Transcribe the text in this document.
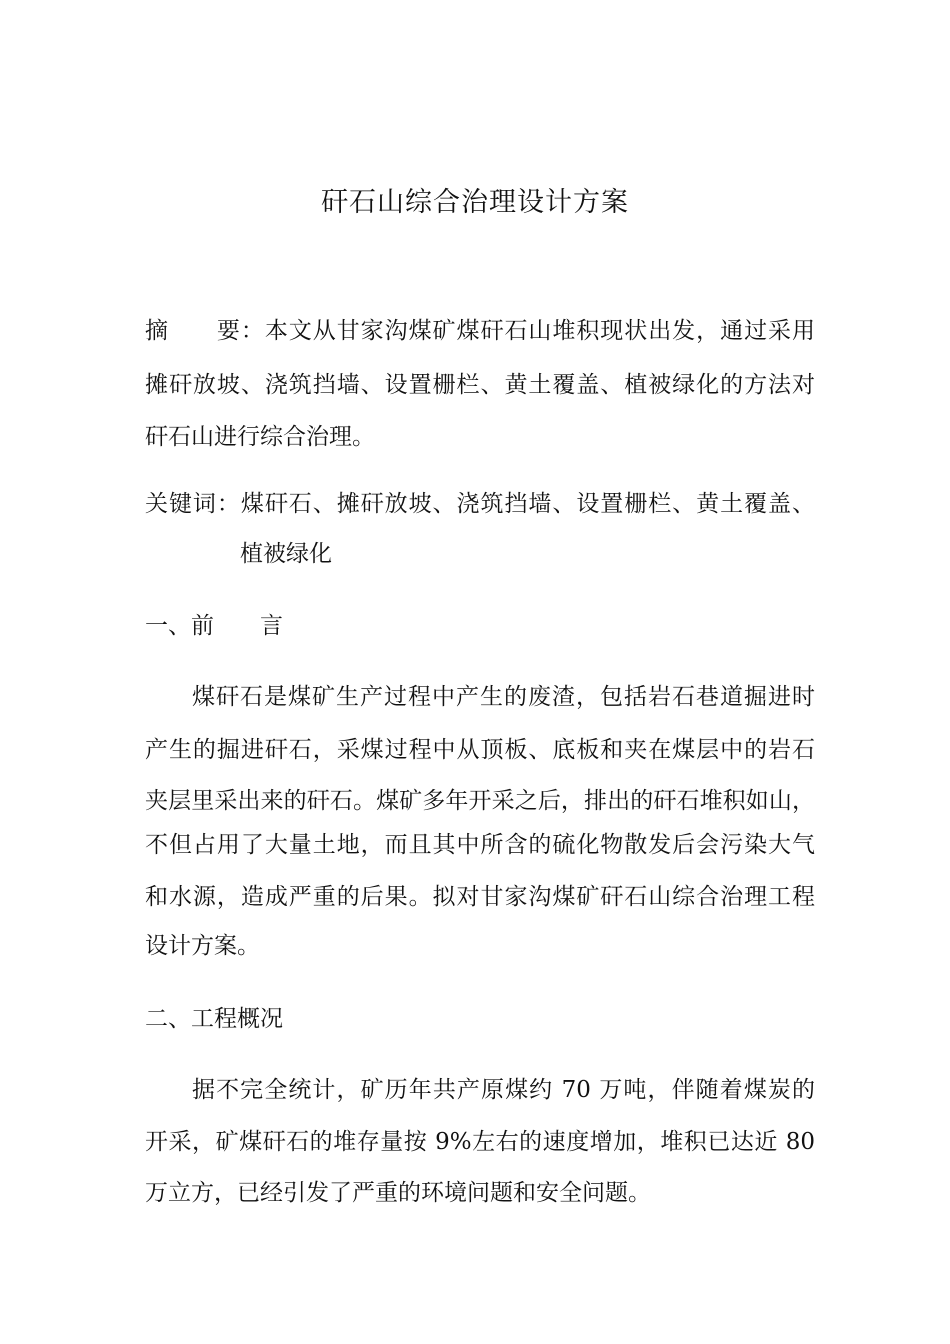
矸石山综合治理设计方案
摘　　要：本文从甘家沟煤矿煤矸石山堆积现状出发，通过采用
摊矸放坡、浇筑挡墙、设置栅栏、黄土覆盖、植被绿化的方法对
矸石山进行综合治理。
关键词：煤矸石、摊矸放坡、浇筑挡墙、设置栅栏、黄土覆盖、
植被绿化
一、前　　言
煤矸石是煤矿生产过程中产生的废渣，包括岩石巷道掘进时
产生的掘进矸石，采煤过程中从顶板、底板和夹在煤层中的岩石
夹层里采出来的矸石。煤矿多年开采之后，排出的矸石堆积如山，
不但占用了大量土地，而且其中所含的硫化物散发后会污染大气
和水源，造成严重的后果。拟对甘家沟煤矿矸石山综合治理工程
设计方案。
二、工程概况
据不完全统计，矿历年共产原煤约 70 万吨，伴随着煤炭的
开采，矿煤矸石的堆存量按 9%左右的速度增加，堆积已达近 80
万立方，已经引发了严重的环境问题和安全问题。
